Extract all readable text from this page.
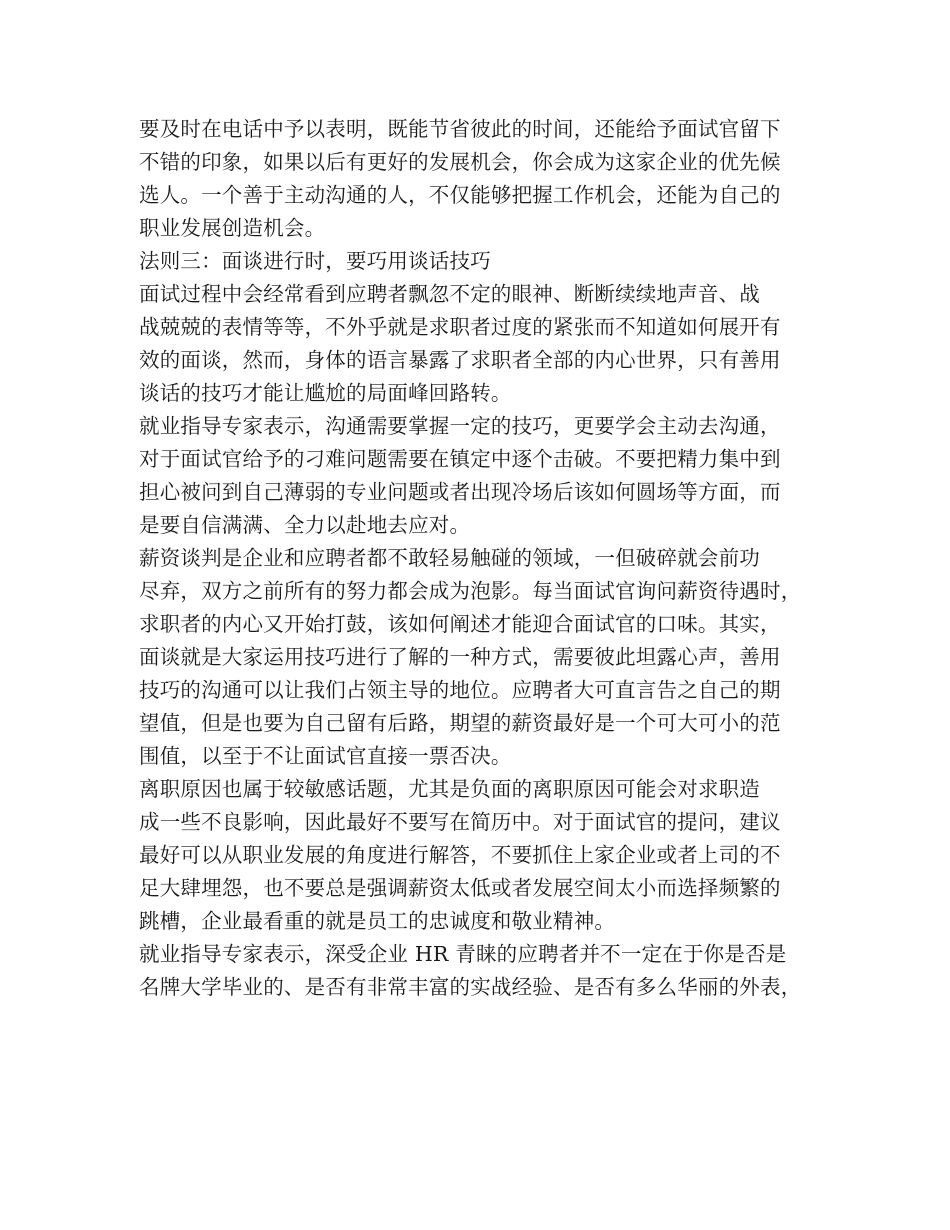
要及时在电话中予以表明，既能节省彼此的时间，还能给予面试官留下
不错的印象，如果以后有更好的发展机会，你会成为这家企业的优先候
选人。一个善于主动沟通的人，不仅能够把握工作机会，还能为自己的
职业发展创造机会。
法则三：面谈进行时，要巧用谈话技巧
面试过程中会经常看到应聘者飘忽不定的眼神、断断续续地声音、战
战兢兢的表情等等，不外乎就是求职者过度的紧张而不知道如何展开有
效的面谈，然而，身体的语言暴露了求职者全部的内心世界，只有善用
谈话的技巧才能让尴尬的局面峰回路转。
就业指导专家表示，沟通需要掌握一定的技巧，更要学会主动去沟通，
对于面试官给予的刁难问题需要在镇定中逐个击破。不要把精力集中到
担心被问到自己薄弱的专业问题或者出现冷场后该如何圆场等方面，而
是要自信满满、全力以赴地去应对。
薪资谈判是企业和应聘者都不敢轻易触碰的领域，一但破碎就会前功
尽弃，双方之前所有的努力都会成为泡影。每当面试官询问薪资待遇时，
求职者的内心又开始打鼓，该如何阐述才能迎合面试官的口味。其实，
面谈就是大家运用技巧进行了解的一种方式，需要彼此坦露心声，善用
技巧的沟通可以让我们占领主导的地位。应聘者大可直言告之自己的期
望值，但是也要为自己留有后路，期望的薪资最好是一个可大可小的范
围值，以至于不让面试官直接一票否决。
离职原因也属于较敏感话题，尤其是负面的离职原因可能会对求职造
成一些不良影响，因此最好不要写在简历中。对于面试官的提问，建议
最好可以从职业发展的角度进行解答，不要抓住上家企业或者上司的不
足大肆埋怨，也不要总是强调薪资太低或者发展空间太小而选择频繁的
跳槽，企业最看重的就是员工的忠诚度和敬业精神。
就业指导专家表示，深受企业 HR 青睐的应聘者并不一定在于你是否是
名牌大学毕业的、是否有非常丰富的实战经验、是否有多么华丽的外表，
